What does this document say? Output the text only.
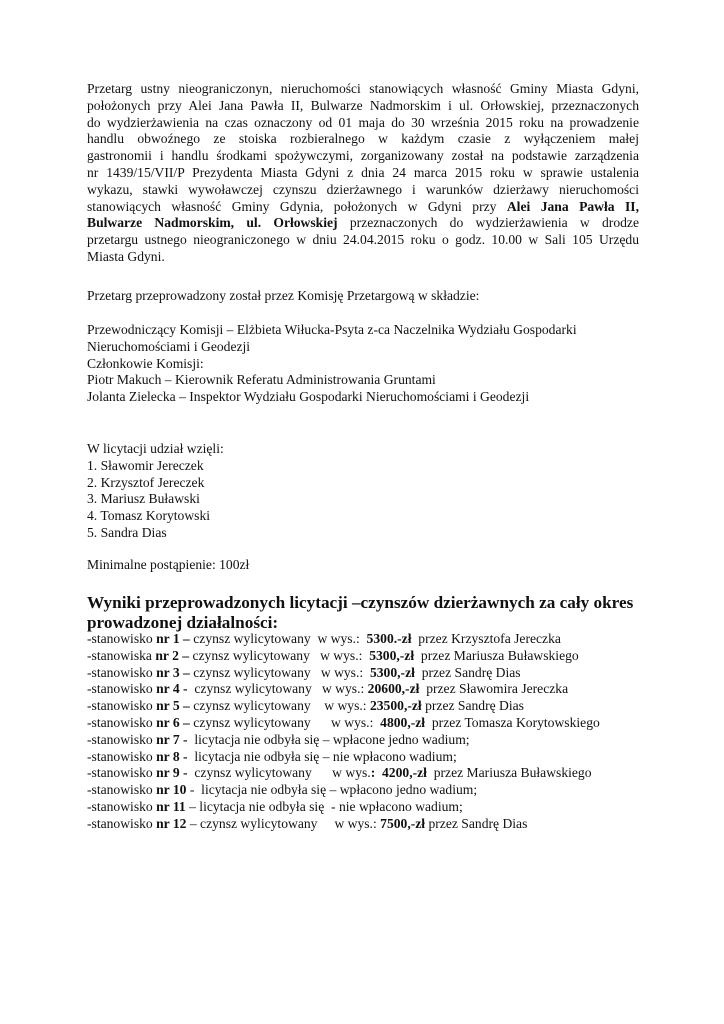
Przetarg ustny nieograniczonyn, nieruchomości stanowiących własność Gminy Miasta Gdyni,
położonych przy Alei Jana Pawła II, Bulwarze Nadmorskim i ul. Orłowskiej, przeznaczonych
do wydzierżawienia na czas oznaczony od 01 maja do 30 września 2015 roku na prowadzenie
handlu obwoźnego ze stoiska rozbieralnego w każdym czasie z wyłączeniem małej
gastronomii i handlu środkami spożywczymi, zorganizowany został na podstawie zarządzenia
nr 1439/15/VII/P Prezydenta Miasta Gdyni z dnia 24 marca 2015 roku w sprawie ustalenia
wykazu, stawki wywoławczej czynszu dzierżawnego i warunków dzierżawy nieruchomości
stanowiących własność Gminy Gdynia, położonych w Gdyni przy Alei Jana Pawła II,
Bulwarze Nadmorskim, ul. Orłowskiej przeznaczonych do wydzierżawienia w drodze
przetargu ustnego nieograniczonego w dniu 24.04.2015 roku o godz. 10.00 w Sali 105 Urzędu
Miasta Gdyni.

Przetarg przeprowadzony został przez Komisję Przetargową w składzie:
Przewodniczący Komisji – Elżbieta Wiłucka-Psyta z-ca Naczelnika Wydziału Gospodarki
Nieruchomościami i Geodezji
Członkowie Komisji:
Piotr Makuch – Kierownik Referatu Administrowania Gruntami
Jolanta Zielecka – Inspektor Wydziału Gospodarki Nieruchomościami i Geodezji
W licytacji udział wzięli:
1. Sławomir Jereczek
2. Krzysztof Jereczek
3. Mariusz Buławski
4. Tomasz Korytowski
5. Sandra Dias
Minimalne postąpienie: 100zł
Wyniki przeprowadzonych licytacji –czynszów dzierżawnych za cały okres
prowadzonej działalności:
-stanowisko nr 1 – czynsz wylicytowany  w wys.:  5300.-zł  przez Krzysztofa Jereczka
-stanowiska nr 2 – czynsz wylicytowany   w wys.:  5300,-zł  przez Mariusza Buławskiego
-stanowisko nr 3 – czynsz wylicytowany   w wys.:  5300,-zł  przez Sandrę Dias
-stanowisko nr 4 -  czynsz wylicytowany   w wys.: 20600,-zł  przez Sławomira Jereczka
-stanowisko nr 5 – czynsz wylicytowany    w wys.: 23500,-zł przez Sandrę Dias
-stanowisko nr 6 – czynsz wylicytowany      w wys.:  4800,-zł  przez Tomasza Korytowskiego
-stanowisko nr 7 -  licytacja nie odbyła się – wpłacone jedno wadium;
-stanowisko nr 8 -  licytacja nie odbyła się – nie wpłacono wadium;
-stanowisko nr 9 -  czynsz wylicytowany      w wys.:  4200,-zł  przez Mariusza Buławskiego
-stanowisko nr 10 -  licytacja nie odbyła się – wpłacono jedno wadium;
-stanowisko nr 11 – licytacja nie odbyła się  - nie wpłacono wadium;
-stanowisko nr 12 – czynsz wylicytowany     w wys.: 7500,-zł przez Sandrę Dias
